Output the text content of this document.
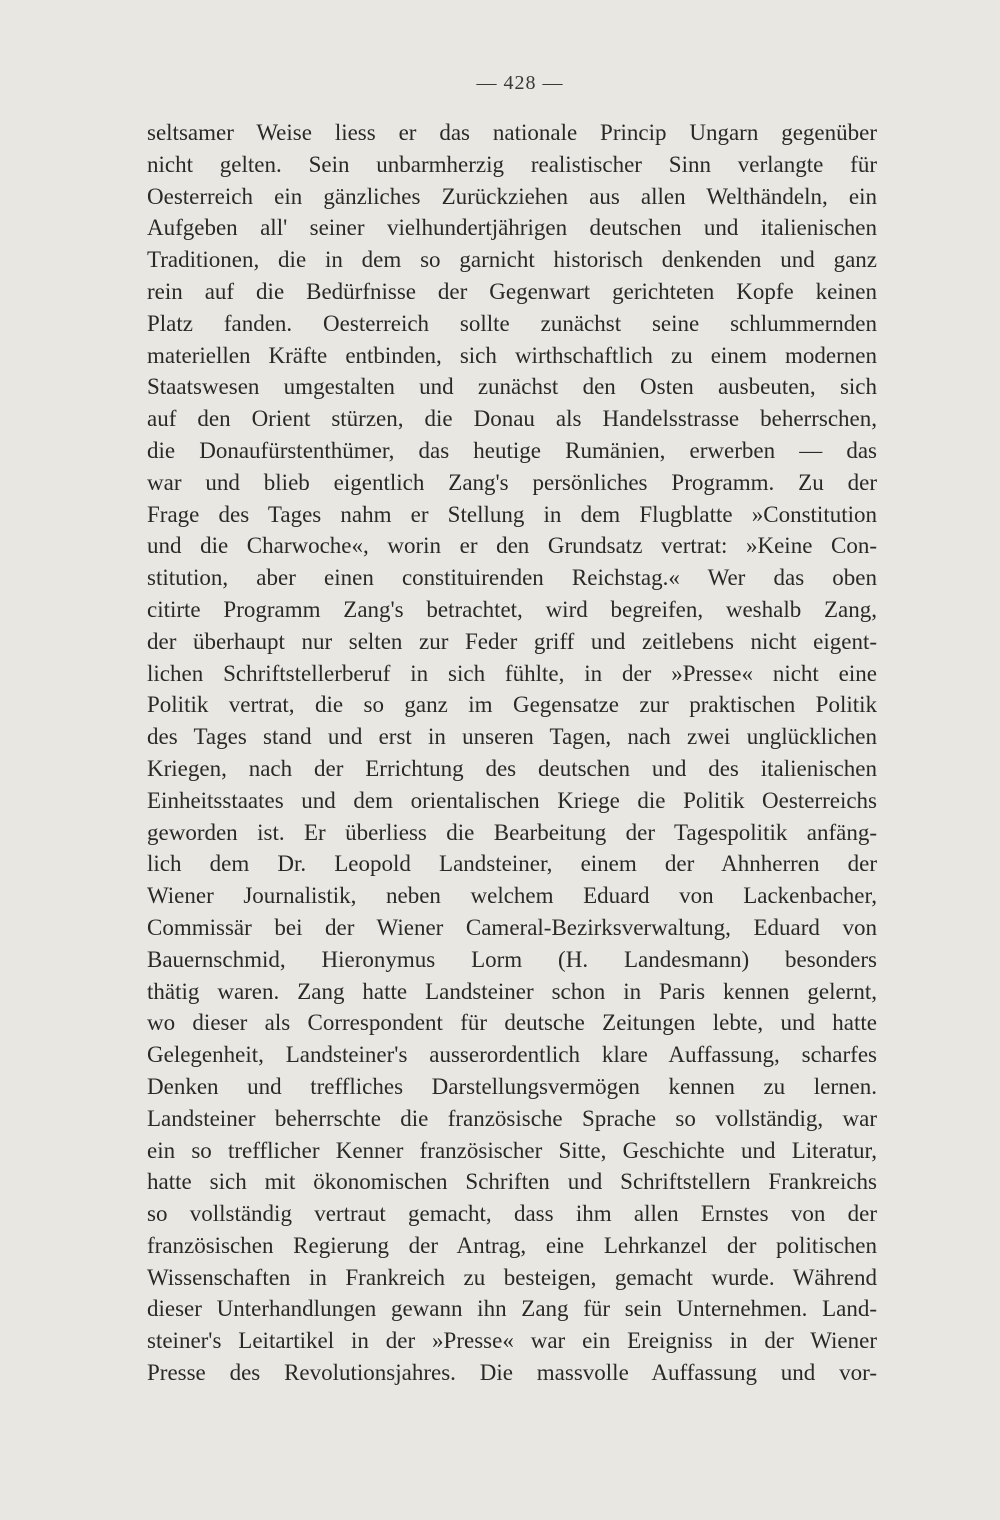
— 428 —
seltsamer Weise liess er das nationale Princip Ungarn gegenüber
nicht gelten. Sein unbarmherzig realistischer Sinn verlangte für
Oesterreich ein gänzliches Zurückziehen aus allen Welthändeln, ein
Aufgeben all' seiner vielhundertjährigen deutschen und italienischen
Traditionen, die in dem so garnicht historisch denkenden und ganz
rein auf die Bedürfnisse der Gegenwart gerichteten Kopfe keinen
Platz fanden. Oesterreich sollte zunächst seine schlummernden
materiellen Kräfte entbinden, sich wirthschaftlich zu einem modernen
Staatswesen umgestalten und zunächst den Osten ausbeuten, sich
auf den Orient stürzen, die Donau als Handelsstrasse beherrschen,
die Donaufürstenthümer, das heutige Rumänien, erwerben — das
war und blieb eigentlich Zang's persönliches Programm. Zu der
Frage des Tages nahm er Stellung in dem Flugblatte »Constitution
und die Charwoche«, worin er den Grundsatz vertrat: »Keine Con-
stitution, aber einen constituirenden Reichstag.« Wer das oben
citirte Programm Zang's betrachtet, wird begreifen, weshalb Zang,
der überhaupt nur selten zur Feder griff und zeitlebens nicht eigent-
lichen Schriftstellerberuf in sich fühlte, in der »Presse« nicht eine
Politik vertrat, die so ganz im Gegensatze zur praktischen Politik
des Tages stand und erst in unseren Tagen, nach zwei unglücklichen
Kriegen, nach der Errichtung des deutschen und des italienischen
Einheitsstaates und dem orientalischen Kriege die Politik Oesterreichs
geworden ist. Er überliess die Bearbeitung der Tagespolitik anfäng-
lich dem Dr. Leopold Landsteiner, einem der Ahnherren der
Wiener Journalistik, neben welchem Eduard von Lackenbacher,
Commissär bei der Wiener Cameral-Bezirksverwaltung, Eduard von
Bauernschmid, Hieronymus Lorm (H. Landesmann) besonders
thätig waren. Zang hatte Landsteiner schon in Paris kennen gelernt,
wo dieser als Correspondent für deutsche Zeitungen lebte, und hatte
Gelegenheit, Landsteiner's ausserordentlich klare Auffassung, scharfes
Denken und treffliches Darstellungsvermögen kennen zu lernen.
Landsteiner beherrschte die französische Sprache so vollständig, war
ein so trefflicher Kenner französischer Sitte, Geschichte und Literatur,
hatte sich mit ökonomischen Schriften und Schriftstellern Frankreichs
so vollständig vertraut gemacht, dass ihm allen Ernstes von der
französischen Regierung der Antrag, eine Lehrkanzel der politischen
Wissenschaften in Frankreich zu besteigen, gemacht wurde. Während
dieser Unterhandlungen gewann ihn Zang für sein Unternehmen. Land-
steiner's Leitartikel in der »Presse« war ein Ereigniss in der Wiener
Presse des Revolutionsjahres. Die massvolle Auffassung und vor-
